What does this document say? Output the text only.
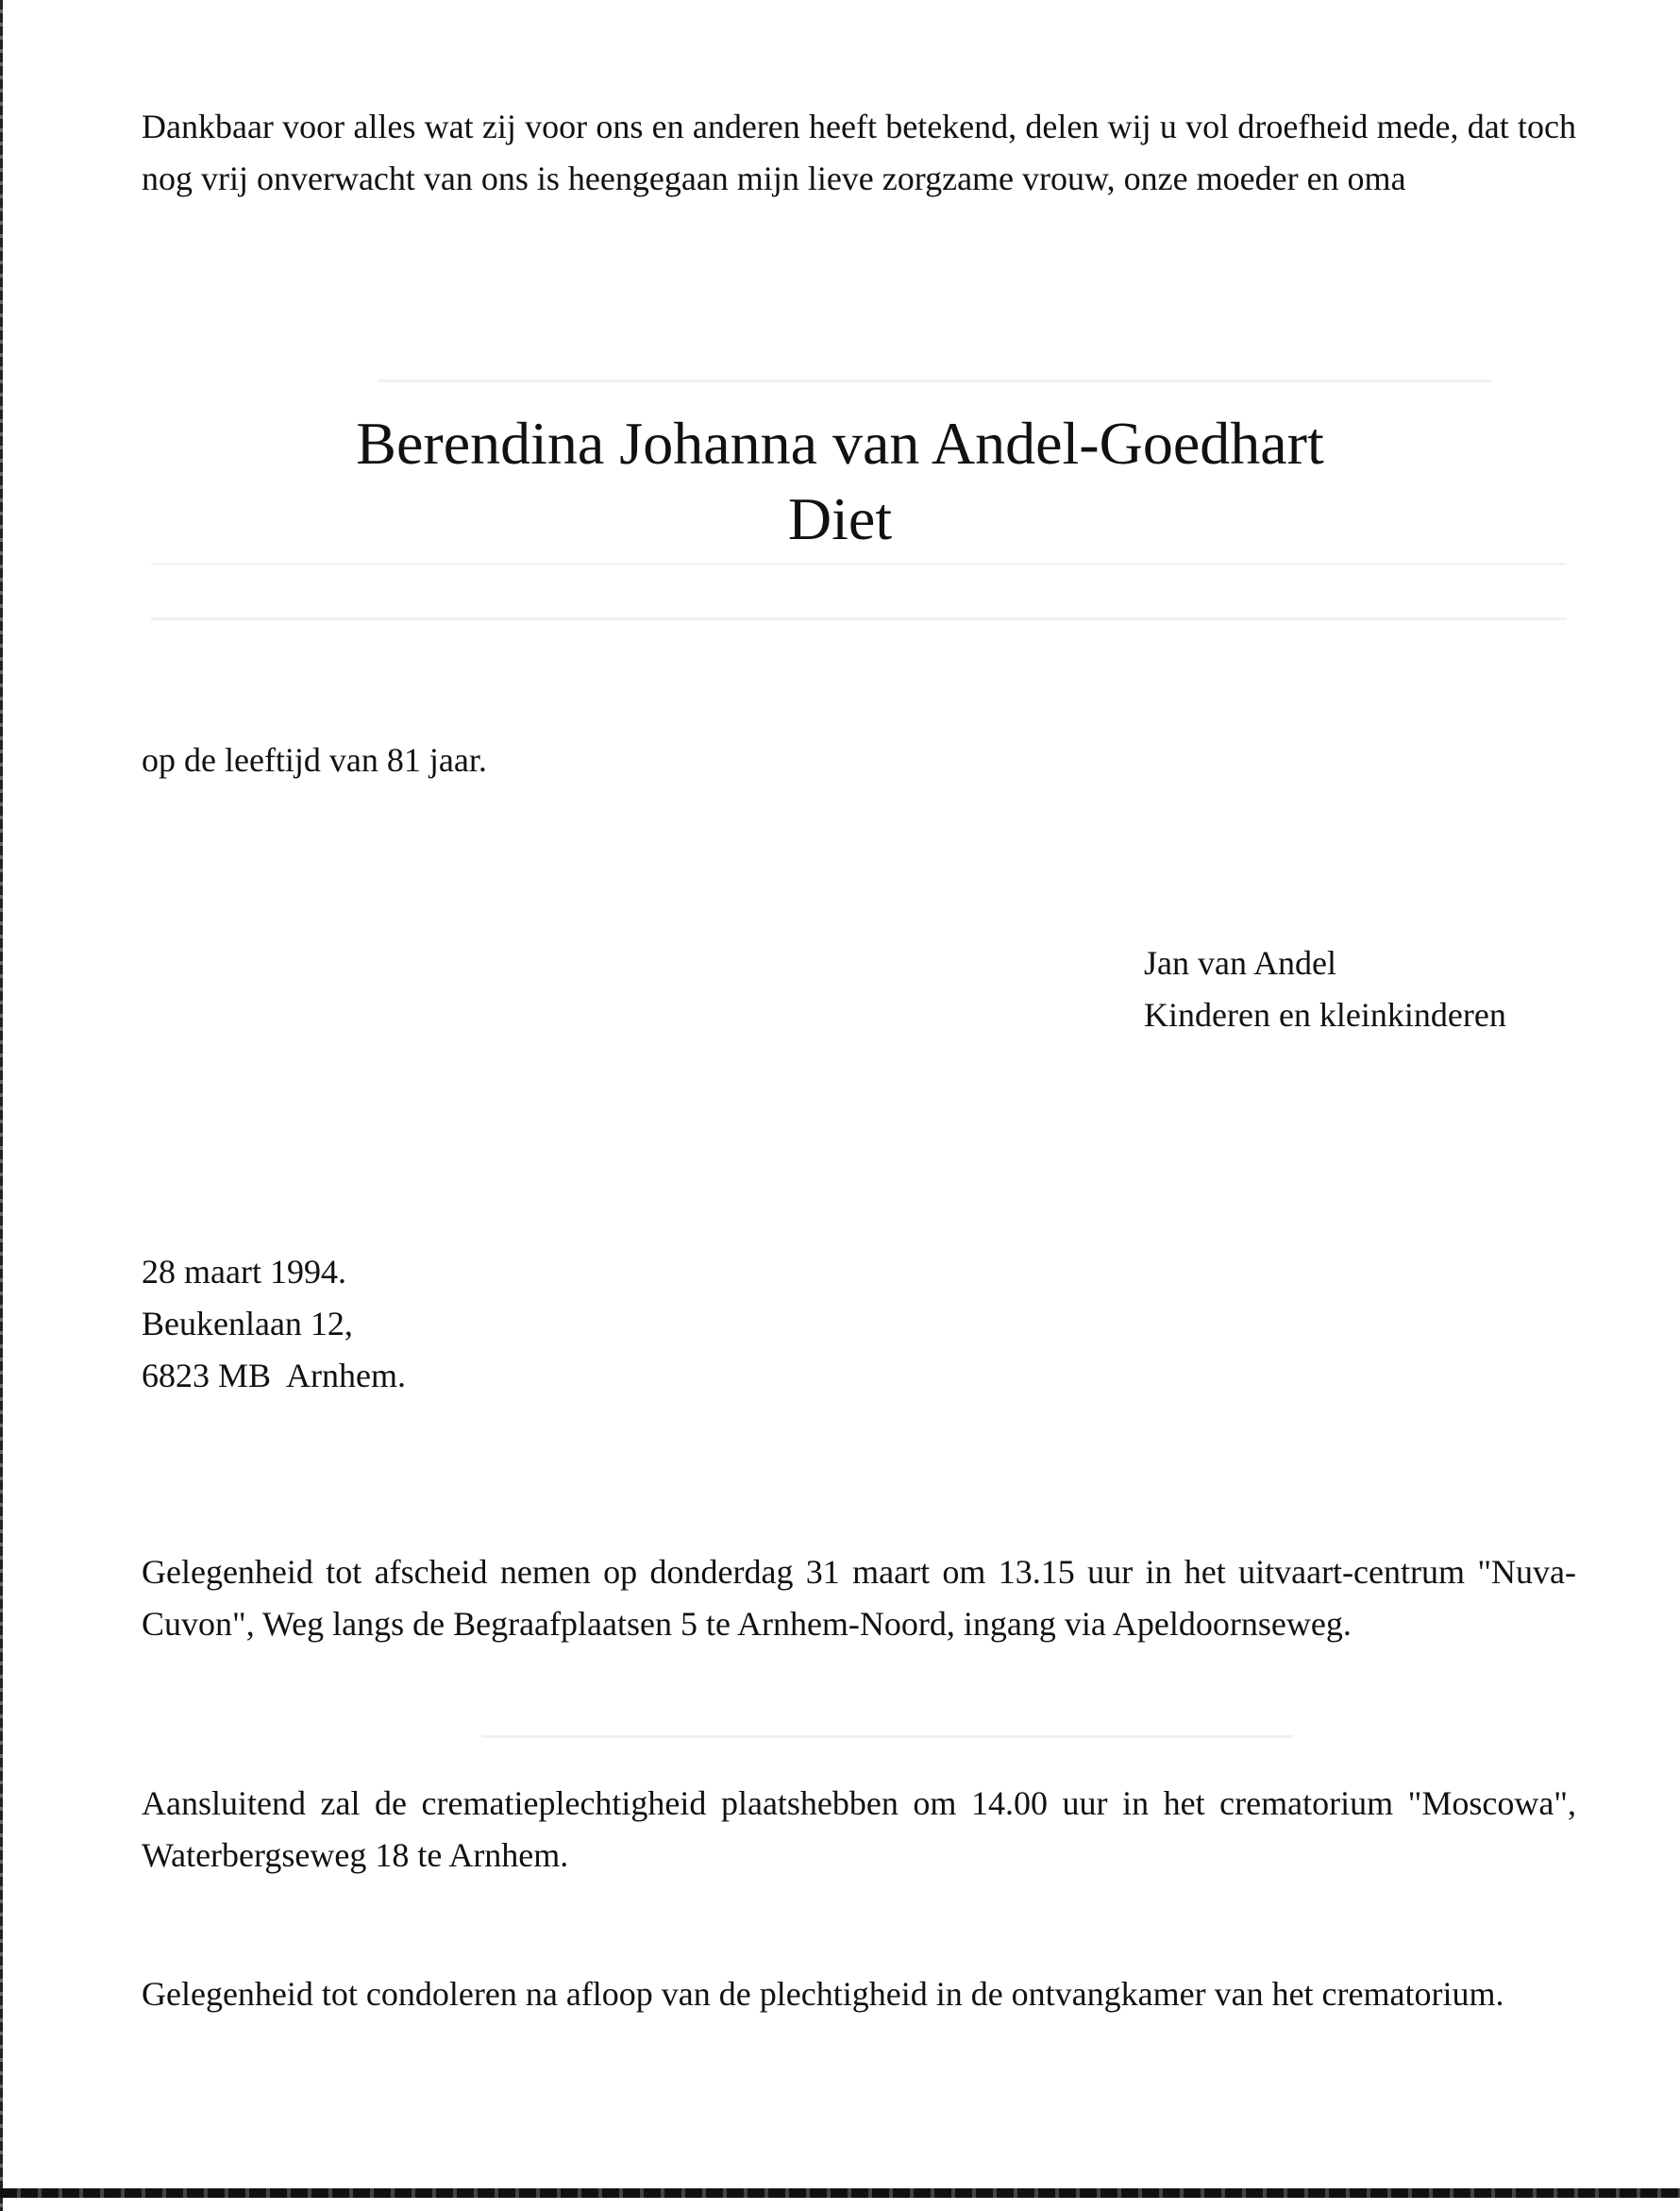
Dankbaar voor alles wat zij voor ons en anderen heeft betekend, delen wij u vol droefheid mede, dat toch nog vrij onverwacht van ons is heengegaan mijn lieve zorgzame vrouw, onze moeder en oma

Berendina Johanna van Andel-Goedhart
Diet

op de leeftijd van 81 jaar.

Jan van Andel
Kinderen en kleinkinderen
28 maart 1994.
Beukenlaan 12,
6823 MB  Arnhem.

Gelegenheid tot afscheid nemen op donderdag 31 maart om 13.15 uur in het uitvaart-centrum "Nuva-Cuvon", Weg langs de Begraafplaatsen 5 te Arnhem-Noord, ingang via Apeldoornseweg.

Aansluitend zal de crematieplechtigheid plaatshebben om 14.00 uur in het crematorium "Moscowa", Waterbergseweg 18 te Arnhem.

Gelegenheid tot condoleren na afloop van de plechtigheid in de ontvangkamer van het crematorium.
